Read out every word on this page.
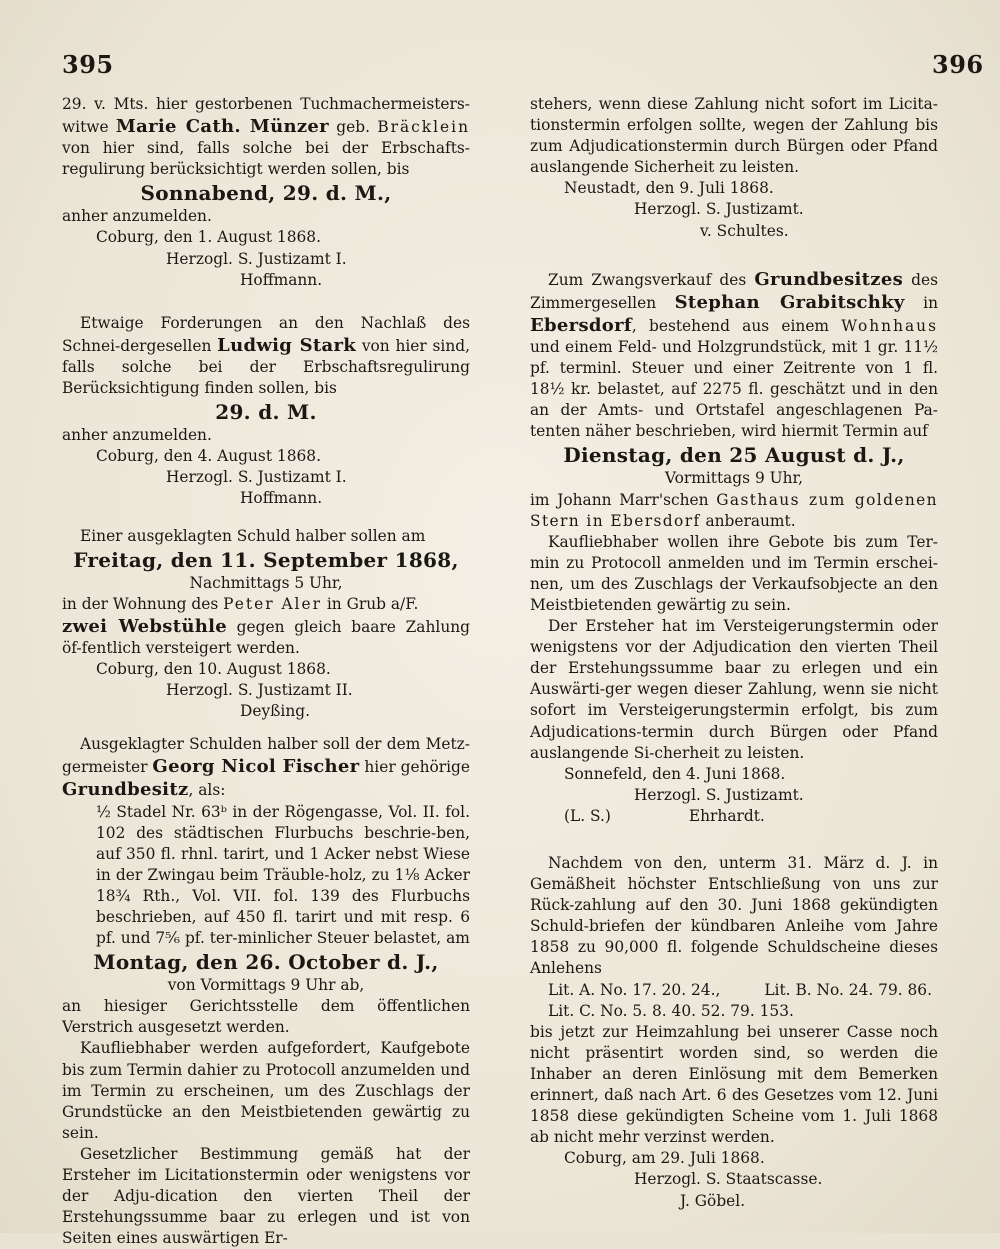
395	396

29. v. Mts. hier gestorbenen Tuchmachermeisters-witwe Marie Cath. Münzer geb. Bräcklein von hier sind, falls solche bei der Erbschafts-regulirung berücksichtigt werden sollen, bis

Sonnabend, 29. d. M.,

anher anzumelden.

Coburg, den 1. August 1868.

Herzogl. S. Justizamt I.

Hoffmann.

Etwaige Forderungen an den Nachlaß des Schnei-dergesellen Ludwig Stark von hier sind, falls solche bei der Erbschaftsregulirung Berücksichtigung finden sollen, bis

29. d. M.

anher anzumelden.

Coburg, den 4. August 1868.

Herzogl. S. Justizamt I.

Hoffmann.

Einer ausgeklagten Schuld halber sollen am

Freitag, den 11. September 1868,

Nachmittags 5 Uhr,

in der Wohnung des Peter Aler in Grub a/F.
zwei Webstühle gegen gleich baare Zahlung öf-fentlich versteigert werden.

Coburg, den 10. August 1868.

Herzogl. S. Justizamt II.

Deyßing.

Ausgeklagter Schulden halber soll der dem Metz-germeister Georg Nicol Fischer hier gehörige Grundbesitz, als:

½ Stadel Nr. 63ᵇ in der Rögengasse, Vol. II. fol. 102 des städtischen Flurbuchs beschrie-ben, auf 350 fl. rhnl. tarirt, und 1 Acker nebst Wiese in der Zwingau beim Träuble-holz, zu 1⅛ Acker 18¾ Rth., Vol. VII. fol. 139 des Flurbuchs beschrieben, auf 450 fl. tarirt und mit resp. 6 pf. und 7⁵⁄₆ pf. ter-minlicher Steuer belastet, am

Montag, den 26. October d. J.,

von Vormittags 9 Uhr ab,

an hiesiger Gerichtsstelle dem öffentlichen Verstrich ausgesetzt werden.

Kaufliebhaber werden aufgefordert, Kaufgebote bis zum Termin dahier zu Protocoll anzumelden und im Termin zu erscheinen, um des Zuschlags der Grundstücke an den Meistbietenden gewärtig zu sein.

Gesetzlicher Bestimmung gemäß hat der Ersteher im Licitationstermin oder wenigstens vor der Adju-dication den vierten Theil der Erstehungssumme baar zu erlegen und ist von Seiten eines auswärtigen Er-

stehers, wenn diese Zahlung nicht sofort im Licita-tionstermin erfolgen sollte, wegen der Zahlung bis zum Adjudicationstermin durch Bürgen oder Pfand auslangende Sicherheit zu leisten.

Neustadt, den 9. Juli 1868.

Herzogl. S. Justizamt.

v. Schultes.

Zum Zwangsverkauf des Grundbesitzes des Zimmergesellen Stephan Grabitschky in Ebersdorf, bestehend aus einem Wohnhaus und einem Feld- und Holzgrundstück, mit 1 gr. 11½ pf. terminl. Steuer und einer Zeitrente von 1 fl. 18½ kr. belastet, auf 2275 fl. geschätzt und in den an der Amts- und Ortstafel angeschlagenen Pa-tenten näher beschrieben, wird hiermit Termin auf

Dienstag, den 25 August d. J.,

Vormittags 9 Uhr,

im Johann Marr'schen Gasthaus zum goldenen Stern in Ebersdorf anberaumt.

Kaufliebhaber wollen ihre Gebote bis zum Ter-min zu Protocoll anmelden und im Termin erschei-nen, um des Zuschlags der Verkaufsobjecte an den Meistbietenden gewärtig zu sein.

Der Ersteher hat im Versteigerungstermin oder wenigstens vor der Adjudication den vierten Theil der Erstehungssumme baar zu erlegen und ein Auswärti-ger wegen dieser Zahlung, wenn sie nicht sofort im Versteigerungstermin erfolgt, bis zum Adjudications-termin durch Bürgen oder Pfand auslangende Si-cherheit zu leisten.

Sonnefeld, den 4. Juni 1868.

Herzogl. S. Justizamt.

(L. S.)	Ehrhardt.

Nachdem von den, unterm 31. März d. J. in Gemäßheit höchster Entschließung von uns zur Rück-zahlung auf den 30. Juni 1868 gekündigten Schuld-briefen der kündbaren Anleihe vom Jahre 1858 zu 90,000 fl. folgende Schuldscheine dieses Anlehens

Lit. A. No. 17. 20. 24.,	Lit. B. No. 24. 79. 86.

Lit. C. No. 5. 8. 40. 52. 79. 153.

bis jetzt zur Heimzahlung bei unserer Casse noch nicht präsentirt worden sind, so werden die Inhaber an deren Einlösung mit dem Bemerken erinnert, daß nach Art. 6 des Gesetzes vom 12. Juni 1858 diese gekündigten Scheine vom 1. Juli 1868 ab nicht mehr verzinst werden.

Coburg, am 29. Juli 1868.

Herzogl. S. Staatscasse.

J. Göbel.
